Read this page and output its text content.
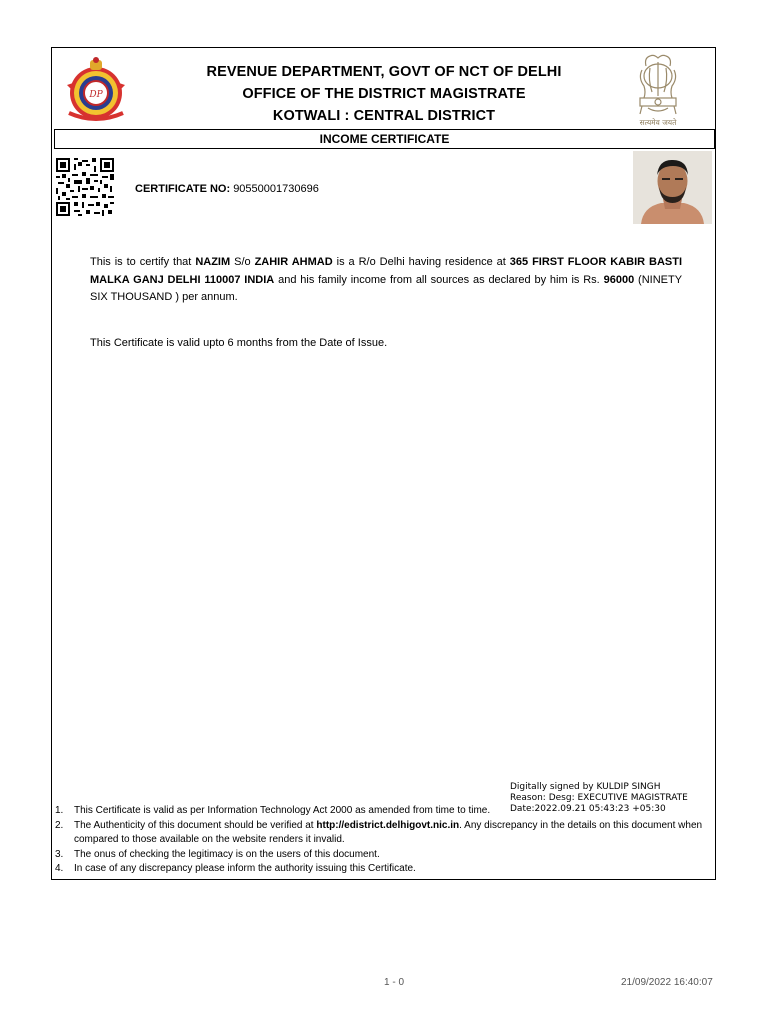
DP
सत्यमेव जयते
REVENUE DEPARTMENT, GOVT OF NCT OF DELHI
OFFICE OF THE DISTRICT MAGISTRATE
KOTWALI : CENTRAL DISTRICT
INCOME CERTIFICATE
CERTIFICATE NO: 90550001730696
This is to certify that NAZIM S/o ZAHIR AHMAD is a R/o Delhi having residence at 365 FIRST FLOOR KABIR BASTI MALKA GANJ DELHI 110007 INDIA and his family income from all sources as declared by him is Rs. 96000 (NINETY SIX THOUSAND ) per annum.
This Certificate is valid upto 6 months from the Date of Issue.
Digitally signed by KULDIP SINGH
Reason: Desg: EXECUTIVE MAGISTRATE
Date:2022.09.21 05:43:23 +05:30
1.	This Certificate is valid as per Information Technology Act 2000 as amended from time to time.
2.	The Authenticity of this document should be verified at http://edistrict.delhigovt.nic.in. Any discrepancy in the details on this document when compared to those available on the website renders it invalid.
3.	The onus of checking the legitimacy is on the users of this document.
4.	In case of any discrepancy please inform the authority issuing this Certificate.
1 - 0	21/09/2022 16:40:07
